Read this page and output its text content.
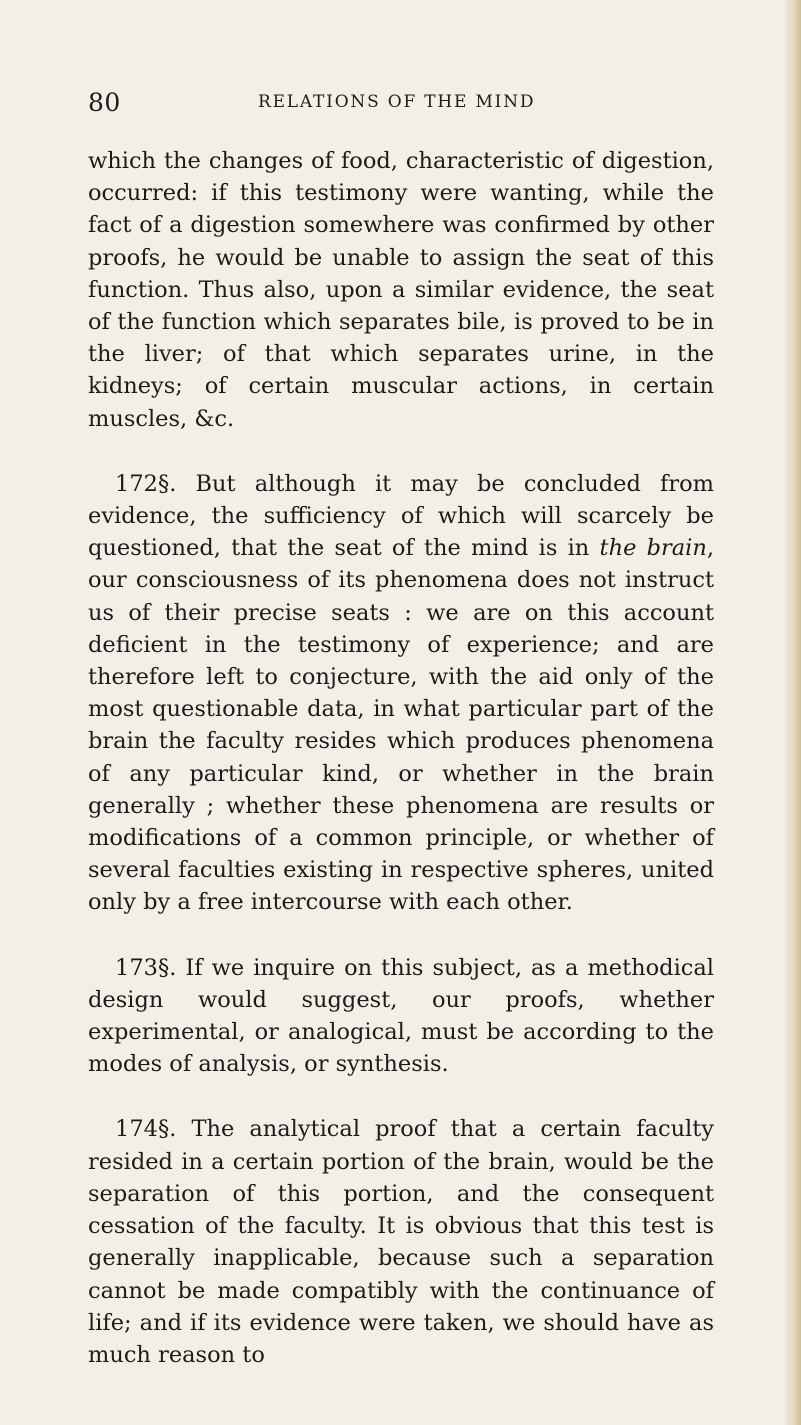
80	RELATIONS OF THE MIND

which the changes of food, characteristic of digestion, occurred: if this testimony were wanting, while the fact of a digestion somewhere was confirmed by other proofs, he would be unable to assign the seat of this function. Thus also, upon a similar evidence, the seat of the function which separates bile, is proved to be in the liver; of that which separates urine, in the kidneys; of certain muscular actions, in certain muscles, &c.

172§. But although it may be concluded from evidence, the sufficiency of which will scarcely be questioned, that the seat of the mind is in the brain, our consciousness of its phenomena does not instruct us of their precise seats : we are on this account deficient in the testimony of experience; and are therefore left to conjecture, with the aid only of the most questionable data, in what particular part of the brain the faculty resides which produces phenomena of any particular kind, or whether in the brain generally ; whether these phenomena are results or modifications of a common principle, or whether of several faculties existing in respective spheres, united only by a free intercourse with each other.

173§. If we inquire on this subject, as a methodical design would suggest, our proofs, whether experimental, or analogical, must be according to the modes of analysis, or synthesis.

174§. The analytical proof that a certain faculty resided in a certain portion of the brain, would be the separation of this portion, and the consequent cessation of the faculty. It is obvious that this test is generally inapplicable, because such a separation cannot be made compatibly with the continuance of life; and if its evidence were taken, we should have as much reason to
